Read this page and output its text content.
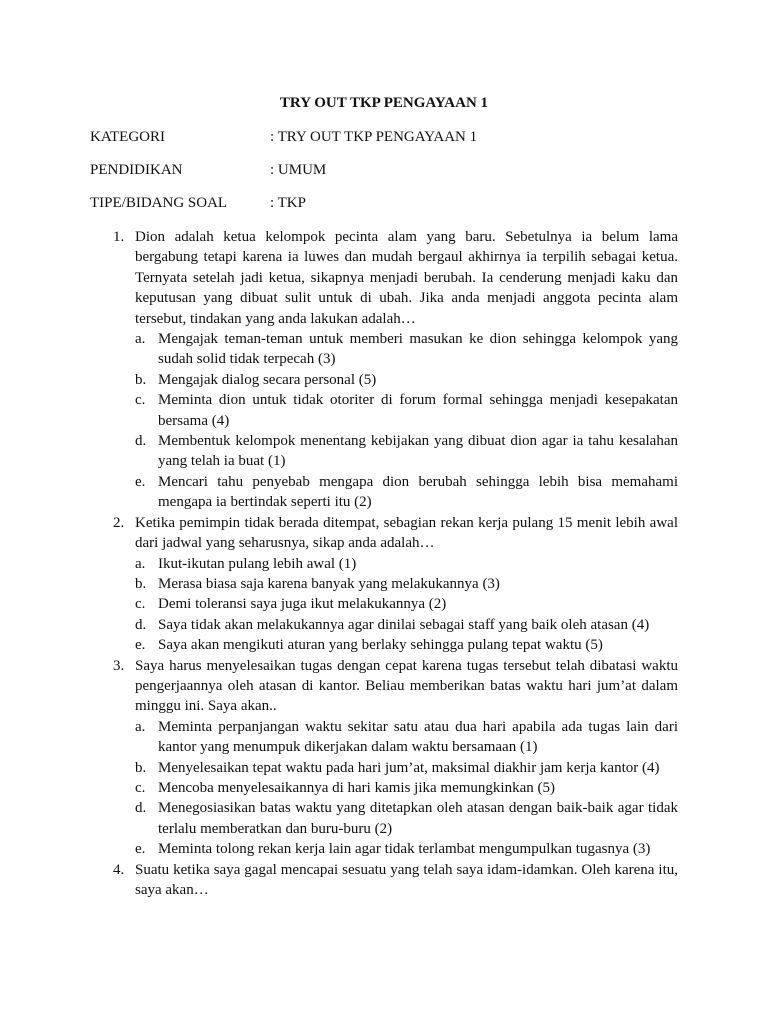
TRY OUT TKP PENGAYAAN 1
KATEGORI	: TRY OUT TKP PENGAYAAN 1
PENDIDIKAN	: UMUM
TIPE/BIDANG SOAL	: TKP
1. Dion adalah ketua kelompok pecinta alam yang baru. Sebetulnya ia belum lama bergabung tetapi karena ia luwes dan mudah bergaul akhirnya ia terpilih sebagai ketua. Ternyata setelah jadi ketua, sikapnya menjadi berubah. Ia cenderung menjadi kaku dan keputusan yang dibuat sulit untuk di ubah. Jika anda menjadi anggota pecinta alam tersebut, tindakan yang anda lakukan adalah…
a. Mengajak teman-teman untuk memberi masukan ke dion sehingga kelompok yang sudah solid tidak terpecah (3)
b. Mengajak dialog secara personal (5)
c. Meminta dion untuk tidak otoriter di forum formal sehingga menjadi kesepakatan bersama (4)
d. Membentuk kelompok menentang kebijakan yang dibuat dion agar ia tahu kesalahan yang telah ia buat (1)
e. Mencari tahu penyebab mengapa dion berubah sehingga lebih bisa memahami mengapa ia bertindak seperti itu (2)
2. Ketika pemimpin tidak berada ditempat, sebagian rekan kerja pulang 15 menit lebih awal dari jadwal yang seharusnya, sikap anda adalah…
a. Ikut-ikutan pulang lebih awal (1)
b. Merasa biasa saja karena banyak yang melakukannya (3)
c. Demi toleransi saya juga ikut melakukannya (2)
d. Saya tidak akan melakukannya agar dinilai sebagai staff yang baik oleh atasan (4)
e. Saya akan mengikuti aturan yang berlaky sehingga pulang tepat waktu (5)
3. Saya harus menyelesaikan tugas dengan cepat karena tugas tersebut telah dibatasi waktu pengerjaannya oleh atasan di kantor. Beliau memberikan batas waktu hari jum’at dalam minggu ini. Saya akan..
a. Meminta perpanjangan waktu sekitar satu atau dua hari apabila ada tugas lain dari kantor yang menumpuk dikerjakan dalam waktu bersamaan (1)
b. Menyelesaikan tepat waktu pada hari jum’at, maksimal diakhir jam kerja kantor (4)
c. Mencoba menyelesaikannya di hari kamis jika memungkinkan (5)
d. Menegosiasikan batas waktu yang ditetapkan oleh atasan dengan baik-baik agar tidak terlalu memberatkan dan buru-buru (2)
e. Meminta tolong rekan kerja lain agar tidak terlambat mengumpulkan tugasnya (3)
4. Suatu ketika saya gagal mencapai sesuatu yang telah saya idam-idamkan. Oleh karena itu, saya akan…
